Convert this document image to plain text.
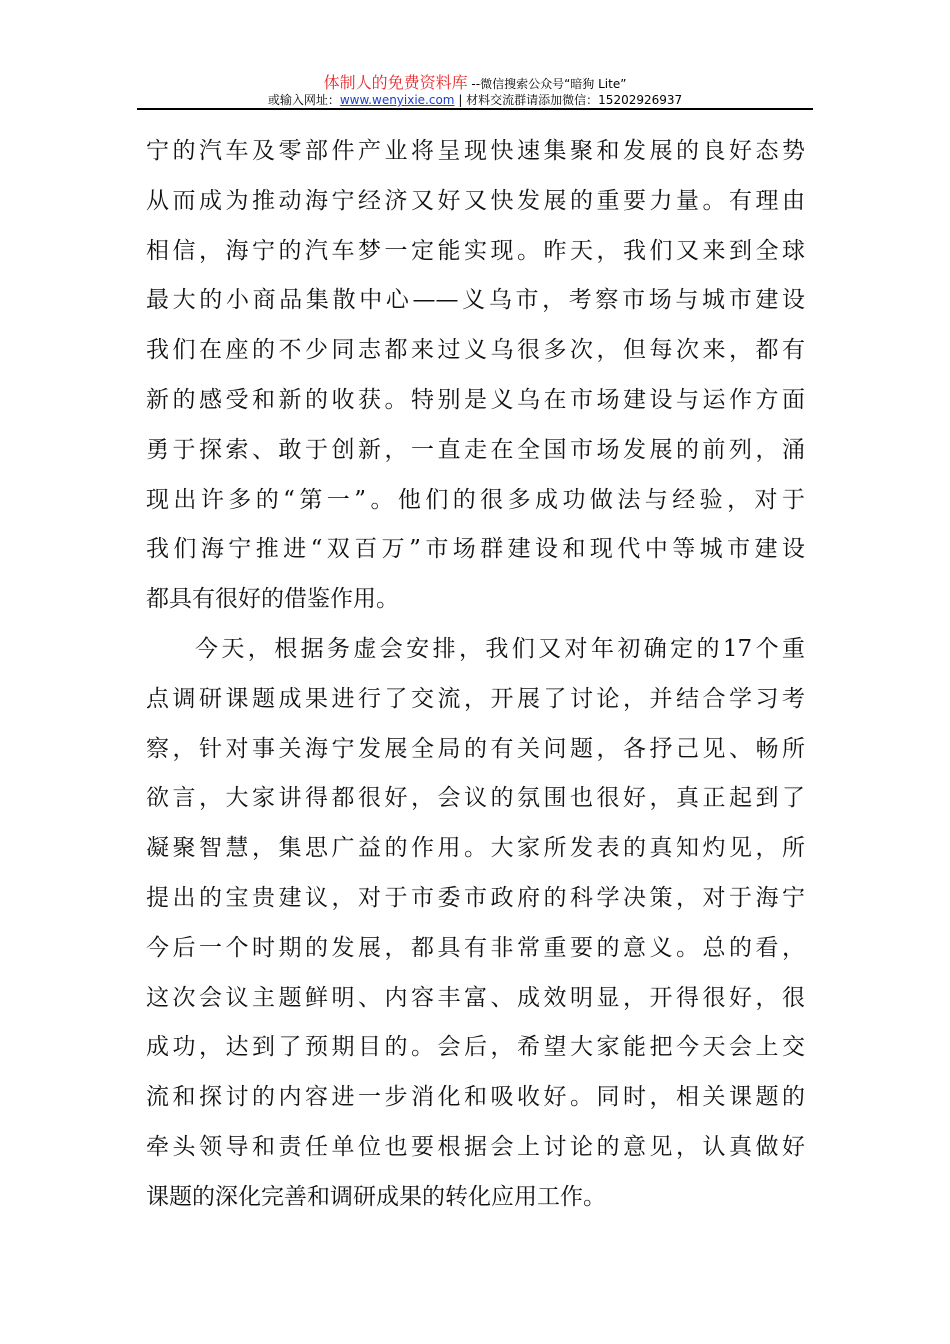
体制人的免费资料库 --微信搜索公众号“暗狗 Lite”
或输入网址：www.wenyixie.com | 材料交流群请添加微信：15202926937
宁的汽车及零部件产业将呈现快速集聚和发展的良好态势
从而成为推动海宁经济又好又快发展的重要力量。有理由
相信，海宁的汽车梦一定能实现。昨天，我们又来到全球
最大的小商品集散中心——义乌市，考察市场与城市建设
我们在座的不少同志都来过义乌很多次，但每次来，都有
新的感受和新的收获。特别是义乌在市场建设与运作方面
勇于探索、敢于创新，一直走在全国市场发展的前列，涌
现出许多的“第一”。他们的很多成功做法与经验，对于
我们海宁推进“双百万”市场群建设和现代中等城市建设
都具有很好的借鉴作用。
今天，根据务虚会安排，我们又对年初确定的17个重
点调研课题成果进行了交流，开展了讨论，并结合学习考
察，针对事关海宁发展全局的有关问题，各抒己见、畅所
欲言，大家讲得都很好，会议的氛围也很好，真正起到了
凝聚智慧，集思广益的作用。大家所发表的真知灼见，所
提出的宝贵建议，对于市委市政府的科学决策，对于海宁
今后一个时期的发展，都具有非常重要的意义。总的看，
这次会议主题鲜明、内容丰富、成效明显，开得很好，很
成功，达到了预期目的。会后，希望大家能把今天会上交
流和探讨的内容进一步消化和吸收好。同时，相关课题的
牵头领导和责任单位也要根据会上讨论的意见，认真做好
课题的深化完善和调研成果的转化应用工作。
